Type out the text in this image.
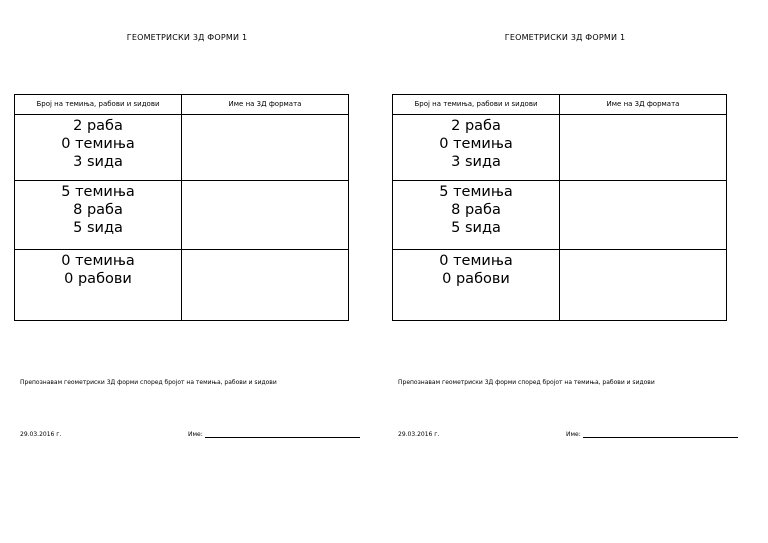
ГЕОМЕТРИСКИ 3Д ФОРМИ 1
Број на темиња, рабови и sидови	Име на 3Д формата

2 раба
0 темиња
3 sида	

5 темиња
8 раба
5 sида	

0 темиња
0 рабови	

Препознавам геометриски 3Д форми според бројот на темиња, рабови и sидови
29.03.2016 г.	Име:
ГЕОМЕТРИСКИ 3Д ФОРМИ 1
Број на темиња, рабови и sидови	Име на 3Д формата

2 раба
0 темиња
3 sида	

5 темиња
8 раба
5 sида	

0 темиња
0 рабови	

Препознавам геометриски 3Д форми според бројот на темиња, рабови и sидови
29.03.2016 г.	Име:
